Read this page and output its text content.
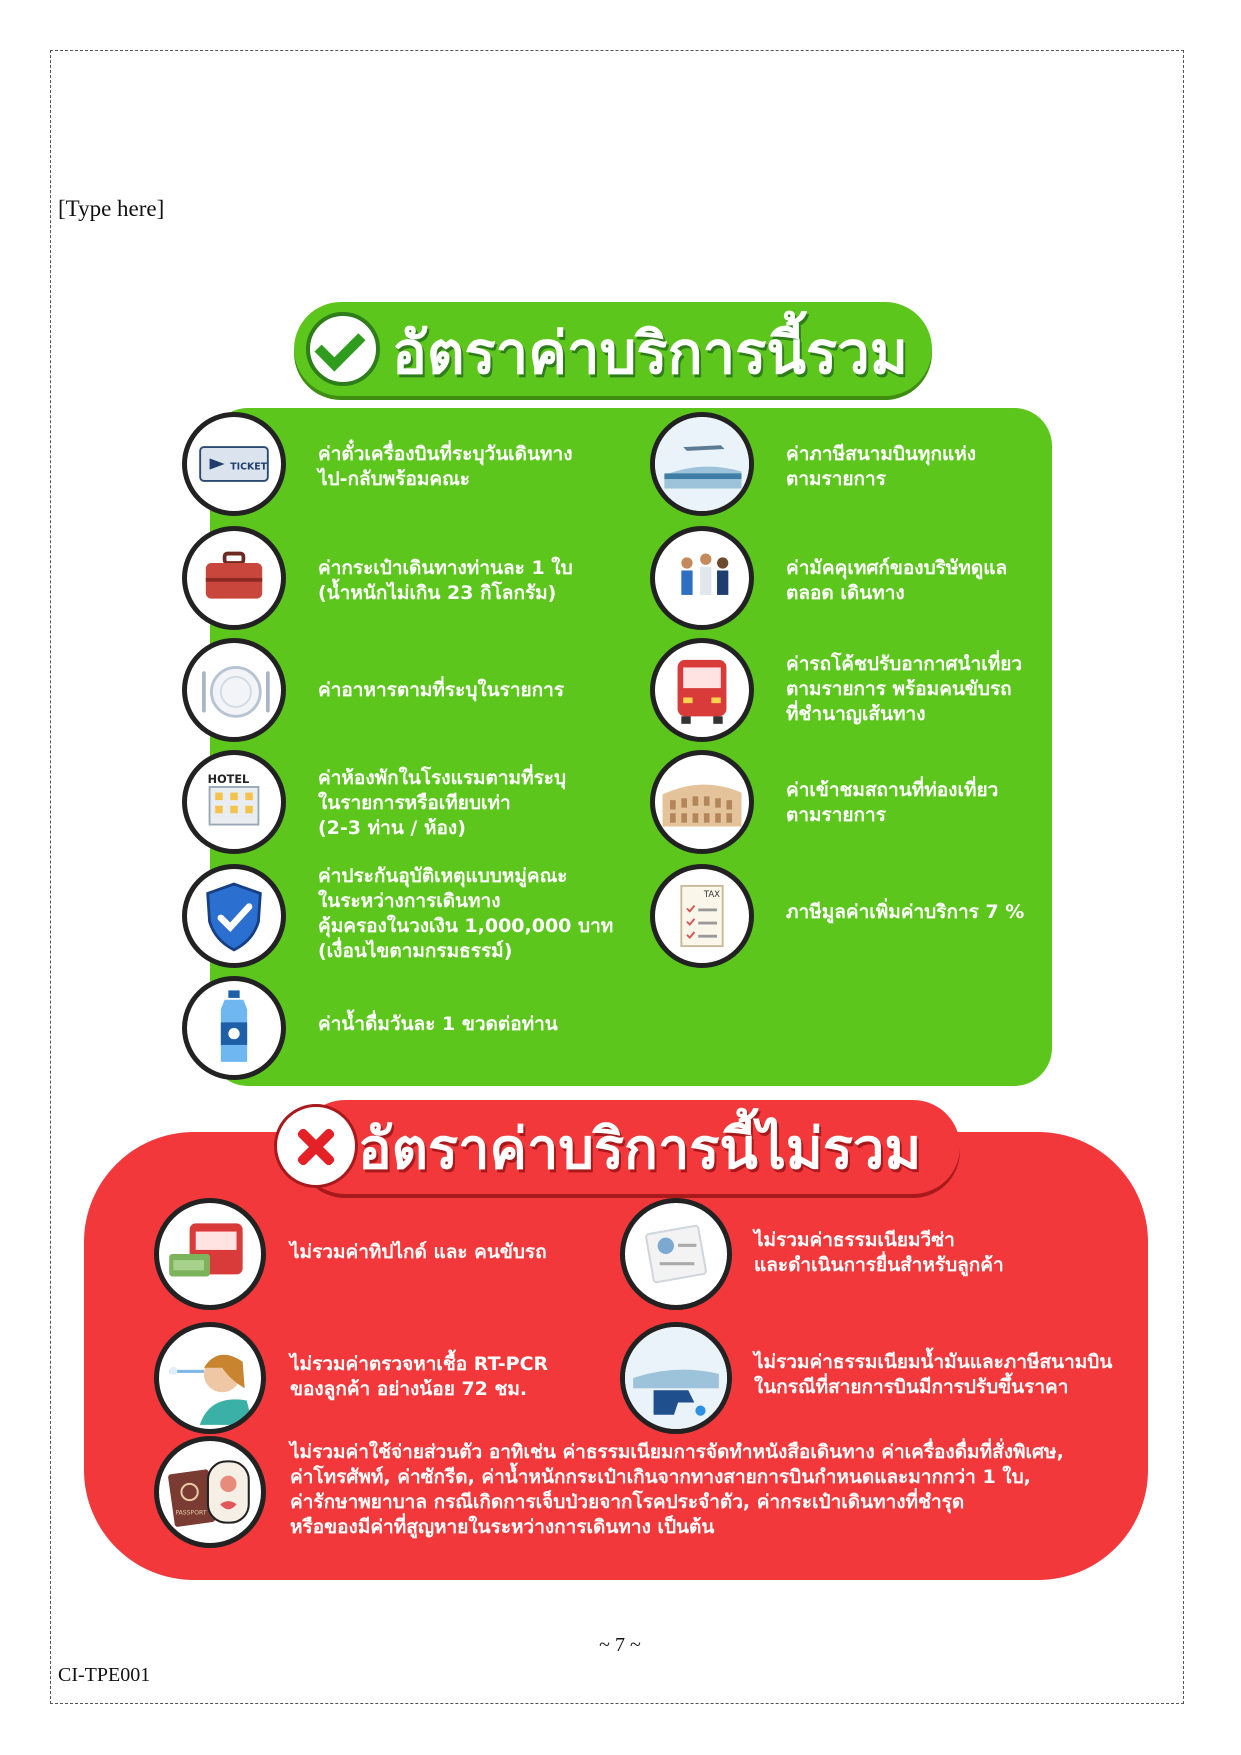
[Type here]
อัตราค่าบริการนี้รวม
TICKET
ค่าตั๋วเครื่องบินที่ระบุวันเดินทาง
ไป-กลับพร้อมคณะ
ค่ากระเป๋าเดินทางท่านละ 1 ใบ
(น้ำหนักไม่เกิน 23 กิโลกรัม)
ค่าอาหารตามที่ระบุในรายการ
HOTEL	ค่าห้องพักในโรงแรมตามที่ระบุ
ในรายการหรือเทียบเท่า
(2-3 ท่าน / ห้อง)
ค่าประกันอุบัติเหตุแบบหมู่คณะ
ในระหว่างการเดินทาง
คุ้มครองในวงเงิน 1,000,000 บาท
(เงื่อนไขตามกรมธรรม์)
ค่าน้ำดื่มวันละ 1 ขวดต่อท่าน
ค่าภาษีสนามบินทุกแห่ง
ตามรายการ
ค่ามัคคุเทศก์ของบริษัทดูแล
ตลอด เดินทาง
ค่ารถโค้ชปรับอากาศนำเที่ยว
ตามรายการ พร้อมคนขับรถ
ที่ชำนาญเส้นทาง
ค่าเข้าชมสถานที่ท่องเที่ยว
ตามรายการ
TAX
ภาษีมูลค่าเพิ่มค่าบริการ 7 %
อัตราค่าบริการนี้ไม่รวม
ไม่รวมค่าทิปไกด์ และ คนขับรถ
ไม่รวมค่าธรรมเนียมวีซ่า
และดำเนินการยื่นสำหรับลูกค้า
ไม่รวมค่าตรวจหาเชื้อ RT-PCR
ของลูกค้า อย่างน้อย 72 ชม.
ไม่รวมค่าธรรมเนียมน้ำมันและภาษีสนามบิน
ในกรณีที่สายการบินมีการปรับขึ้นราคา
PASSPORT
ไม่รวมค่าใช้จ่ายส่วนตัว อาทิเช่น ค่าธรรมเนียมการจัดทำหนังสือเดินทาง ค่าเครื่องดื่มที่สั่งพิเศษ,
ค่าโทรศัพท์, ค่าซักรีด, ค่าน้ำหนักกระเป๋าเกินจากทางสายการบินกำหนดและมากกว่า 1 ใบ,
ค่ารักษาพยาบาล กรณีเกิดการเจ็บป่วยจากโรคประจำตัว, ค่ากระเป๋าเดินทางที่ชำรุด
หรือของมีค่าที่สูญหายในระหว่างการเดินทาง เป็นต้น
~ 7 ~
CI-TPE001
